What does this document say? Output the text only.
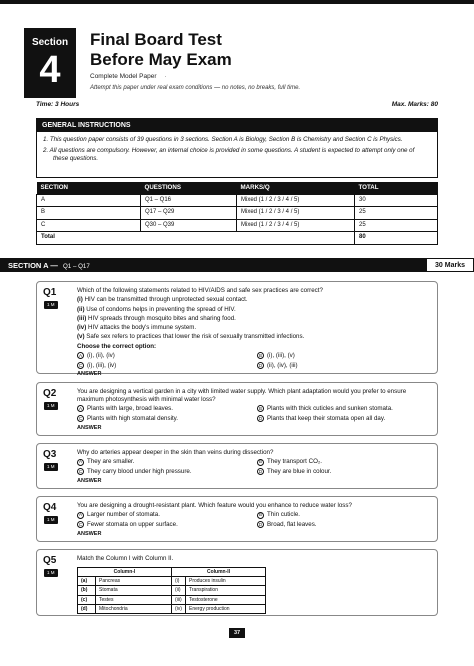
Section
4
Final Board Test
Before May Exam
Complete Model Paper ·
Attempt this paper under real exam conditions — no notes, no breaks, full time.
Time: 3 Hours	Max. Marks: 80
GENERAL INSTRUCTIONS
1. This question paper consists of 39 questions in 3 sections. Section A is Biology, Section B is Chemistry and Section C is Physics.
2. All questions are compulsory. However, an internal choice is provided in some questions. A student is expected to attempt only one of these questions.
SECTION	QUESTIONS	MARKS/Q	TOTAL
A	Q1 – Q16	Mixed (1 / 2 / 3 / 4 / 5)	30
B	Q17 – Q29	Mixed (1 / 2 / 3 / 4 / 5)	25
C	Q30 – Q39	Mixed (1 / 2 / 3 / 4 / 5)	25
Total			80
SECTION A — Q1 – Q17	30 Marks
Q1
1 M

Which of the following statements related to HIV/AIDS and safe sex practices are correct?

(i) HIV can be transmitted through unprotected sexual contact.

(ii) Use of condoms helps in preventing the spread of HIV.

(iii) HIV spreads through mosquito bites and sharing food.

(iv) HIV attacks the body's immune system.

(v) Safe sex refers to practices that lower the risk of sexually transmitted infections.

Choose the correct option:

A (i), (ii), (iv)	B (i), (iii), (v)
C (i), (iii), (iv)	D (ii), (iv), (iii)
ANSWER
Q2
1 M

You are designing a vertical garden in a city with limited water supply. Which plant adaptation would you prefer to ensure maximum photosynthesis with minimal water loss?

A Plants with large, broad leaves.	B Plants with thick cuticles and sunken stomata.
C Plants with high stomatal density.	D Plants that keep their stomata open all day.
ANSWER
Q3
1 M

Why do arteries appear deeper in the skin than veins during dissection?

A They are smaller.	B They transport CO₂.
C They carry blood under high pressure.	D They are blue in colour.
ANSWER
Q4
1 M

You are designing a drought-resistant plant. Which feature would you enhance to reduce water loss?

A Larger number of stomata.	B Thin cuticle.
C Fewer stomata on upper surface.	D Broad, flat leaves.
ANSWER
Q5
1 M

Match the Column I with Column II.

Column-I		Column-II	
(a)	Pancreas	(i)	Produces insulin
(b)	Stomata	(ii)	Transpiration
(c)	Testes	(iii)	Testosterone
(d)	Mitochondria	(iv)	Energy production
37
